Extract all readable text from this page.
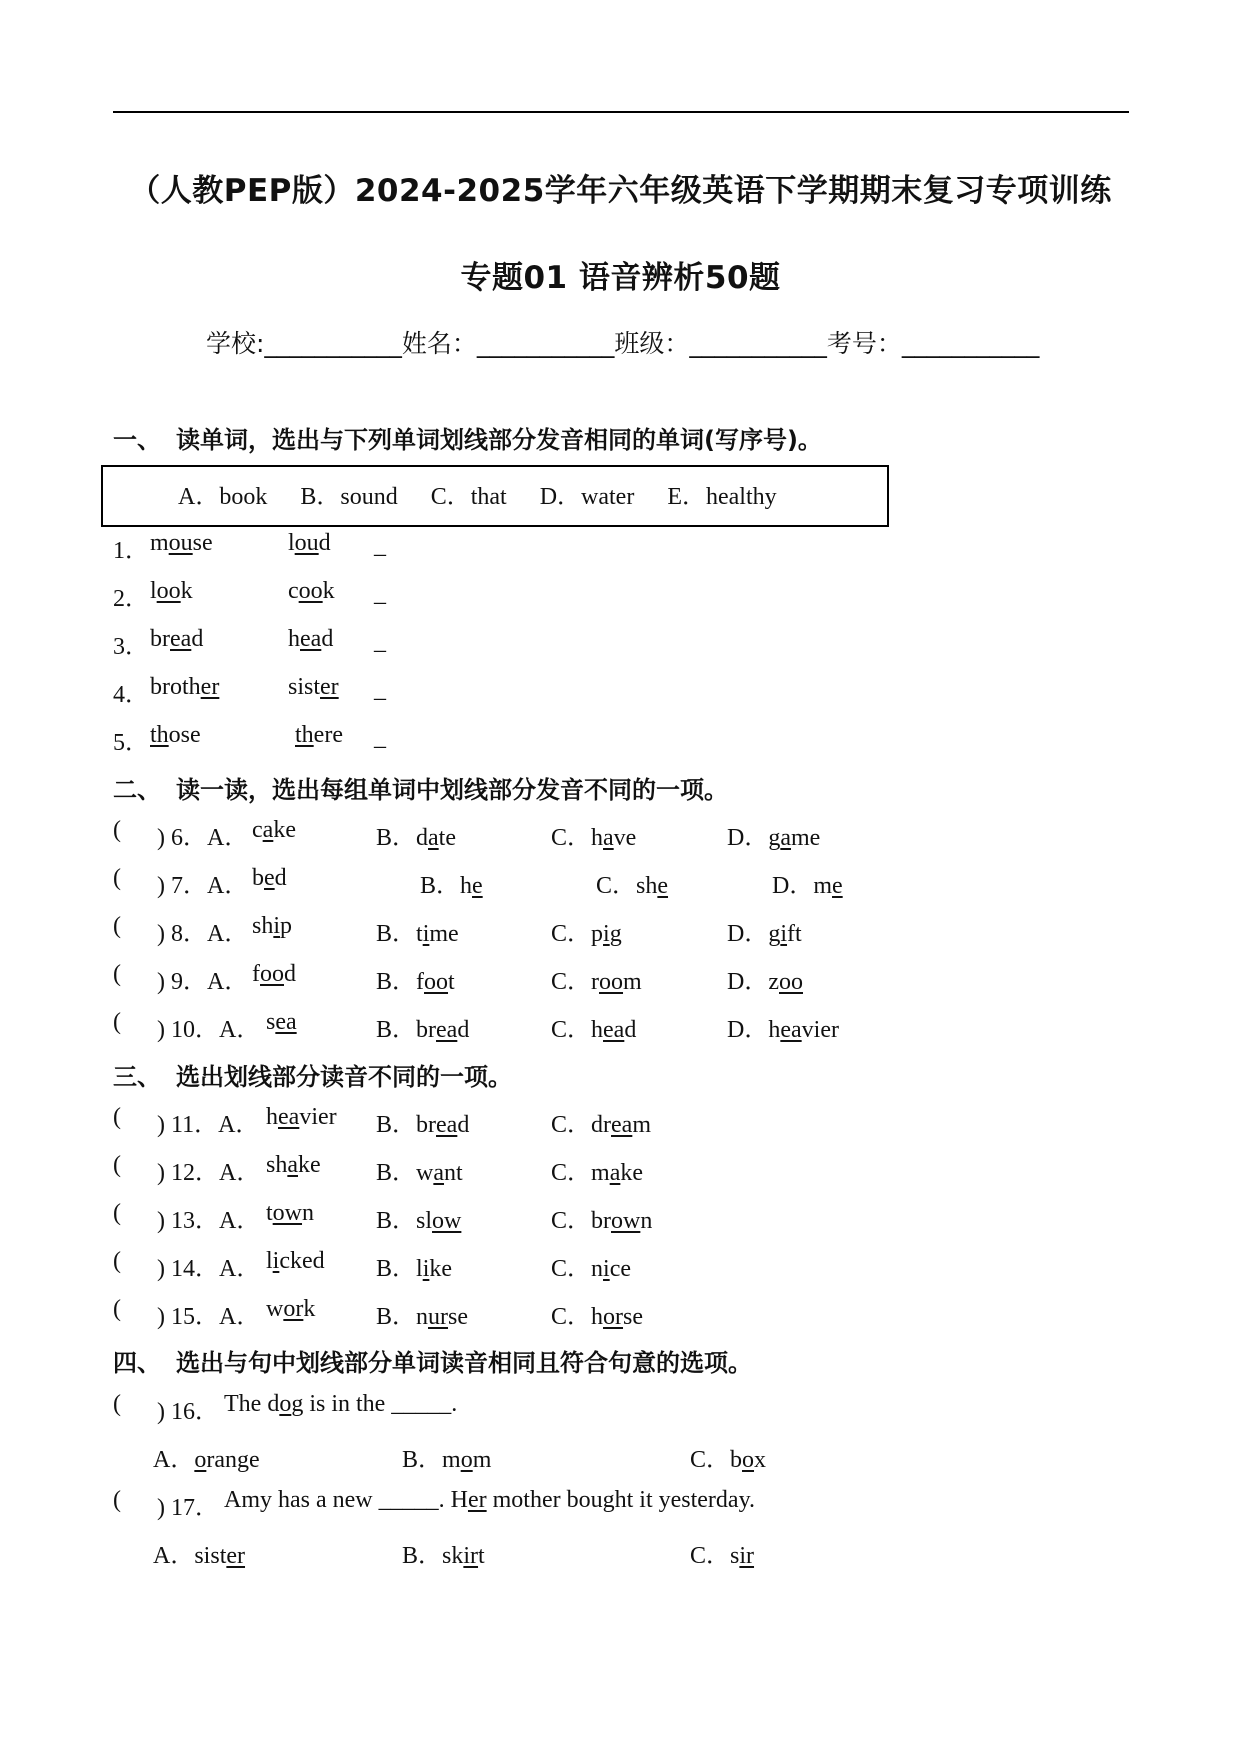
（人教PEP版）2024-2025学年六年级英语下学期期末复习专项训练
专题01 语音辨析50题
学校:___________姓名：___________班级：___________考号：___________
一、 读单词，选出与下列单词划线部分发音相同的单词(写序号)。
A．book B．sound C．that D．water E．healthy
1． mouse	loud _
2． look	cook _
3． bread	head _
4． brother	sister _
5． those	there _
二、 读一读，选出每组单词中划线部分发音不同的一项。
( ) 6．A． cake	B．date	C．have	D．game
( ) 7．A． bed	B．he	C．she	D．me
( ) 8．A． ship	B．time	C．pig	D．gift
( ) 9．A． food	B．foot	C．room	D．zoo
( ) 10．A． sea	B．bread	C．head	D．heavier
三、 选出划线部分读音不同的一项。
( ) 11．A． heavier B．bread	C．dream
( ) 12．A． shake B．want	C．make
( ) 13．A． town	B．slow	C．brown
( ) 14．A． licked B．like	C．nice
( ) 15．A． work	B．nurse	C．horse
四、 选出与句中划线部分单词读音相同且符合句意的选项。
( ) 16． The dog is in the _____.
A．orange	B．mom	C．box
( ) 17． Amy has a new _____. Her mother bought it yesterday.
A．sister	B．skirt	C．sir
